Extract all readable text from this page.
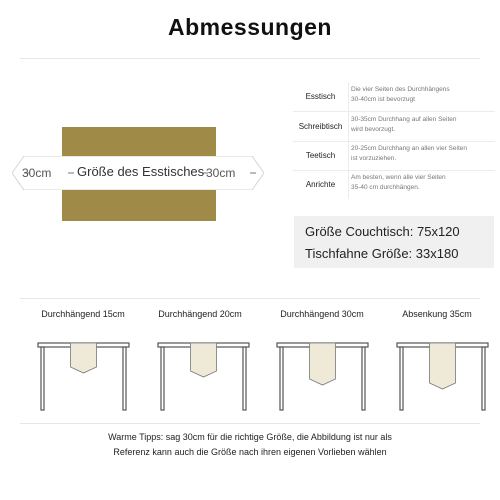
Abmessungen
30cm Größe des Esstisches 30cm
Esstisch
Die vier Seiten des Durchhängens
30-40cm ist bevorzugt
Schreibtisch
30-35cm Durchhang auf allen Seiten
wird bevorzugt.
Teetisch
20-25cm Durchhang an allen vier Seiten
ist vorzuziehen.
Anrichte
Am besten, wenn alle vier Seiten
35-40 cm durchhängen.
Größe Couchtisch: 75x120
Tischfahne Größe: 33x180
Durchhängend 15cm	Durchhängend 20cm	Durchhängend 30cm	Absenkung 35cm
Warme Tipps: sag 30cm für die richtige Größe, die Abbildung ist nur als
Referenz kann auch die Größe nach ihren eigenen Vorlieben wählen
